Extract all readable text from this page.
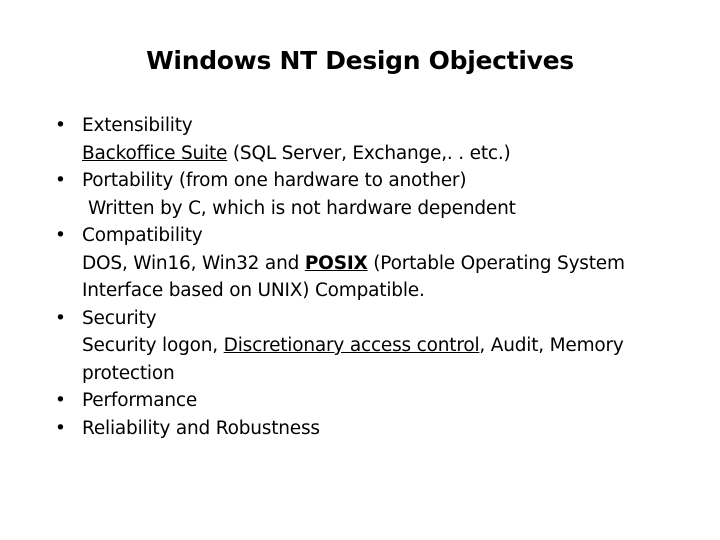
Windows NT Design Objectives
• Extensibility
Backoffice Suite (SQL Server, Exchange,. . etc.)
• Portability (from one hardware to another)
Written by C, which is not hardware dependent
• Compatibility
DOS, Win16, Win32 and POSIX (Portable Operating System Interface based on UNIX) Compatible.
• Security
Security logon, Discretionary access control, Audit, Memory protection
• Performance
• Reliability and Robustness
